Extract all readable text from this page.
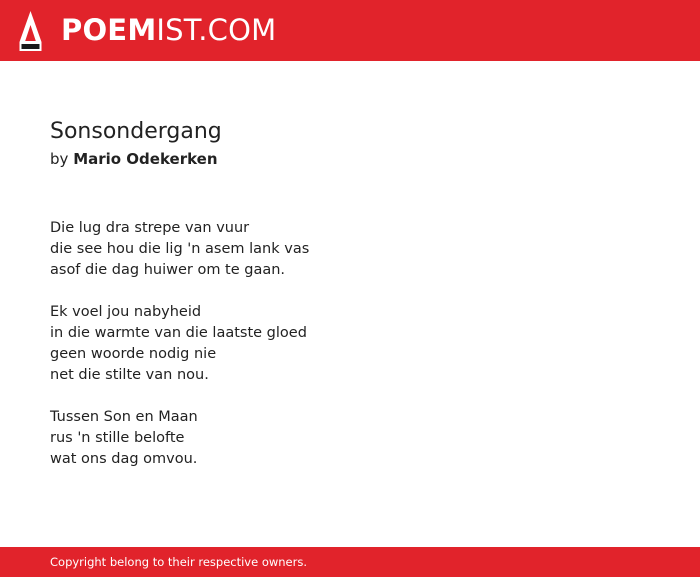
POEMIST.COM
Sonsondergang

by Mario Odekerken

Die lug dra strepe van vuur
die see hou die lig 'n asem lank vas
asof die dag huiwer om te gaan.
Ek voel jou nabyheid
in die warmte van die laatste gloed
geen woorde nodig nie
net die stilte van nou.
Tussen Son en Maan
rus 'n stille belofte
wat ons dag omvou.
Copyright belong to their respective owners.
